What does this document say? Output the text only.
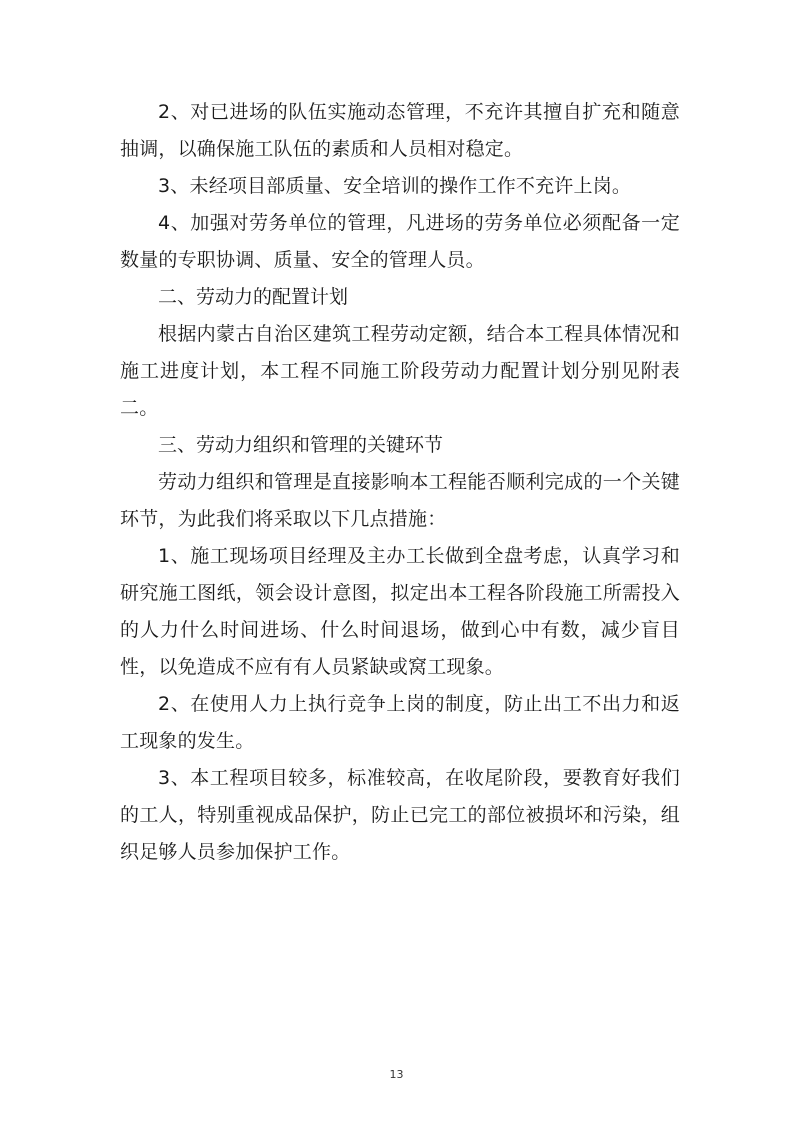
2、对已进场的队伍实施动态管理，不充许其擅自扩充和随意抽调，以确保施工队伍的素质和人员相对稳定。

3、未经项目部质量、安全培训的操作工作不充许上岗。

4、加强对劳务单位的管理，凡进场的劳务单位必须配备一定数量的专职协调、质量、安全的管理人员。

二、劳动力的配置计划

根据内蒙古自治区建筑工程劳动定额，结合本工程具体情况和施工进度计划，本工程不同施工阶段劳动力配置计划分别见附表二。

三、劳动力组织和管理的关键环节

劳动力组织和管理是直接影响本工程能否顺利完成的一个关键环节，为此我们将采取以下几点措施：

1、施工现场项目经理及主办工长做到全盘考虑，认真学习和研究施工图纸，领会设计意图，拟定出本工程各阶段施工所需投入的人力什么时间进场、什么时间退场，做到心中有数，减少盲目性，以免造成不应有有人员紧缺或窝工现象。

2、在使用人力上执行竞争上岗的制度，防止出工不出力和返工现象的发生。

3、本工程项目较多，标准较高，在收尾阶段，要教育好我们的工人，特别重视成品保护，防止已完工的部位被损坏和污染，组织足够人员参加保护工作。

13
